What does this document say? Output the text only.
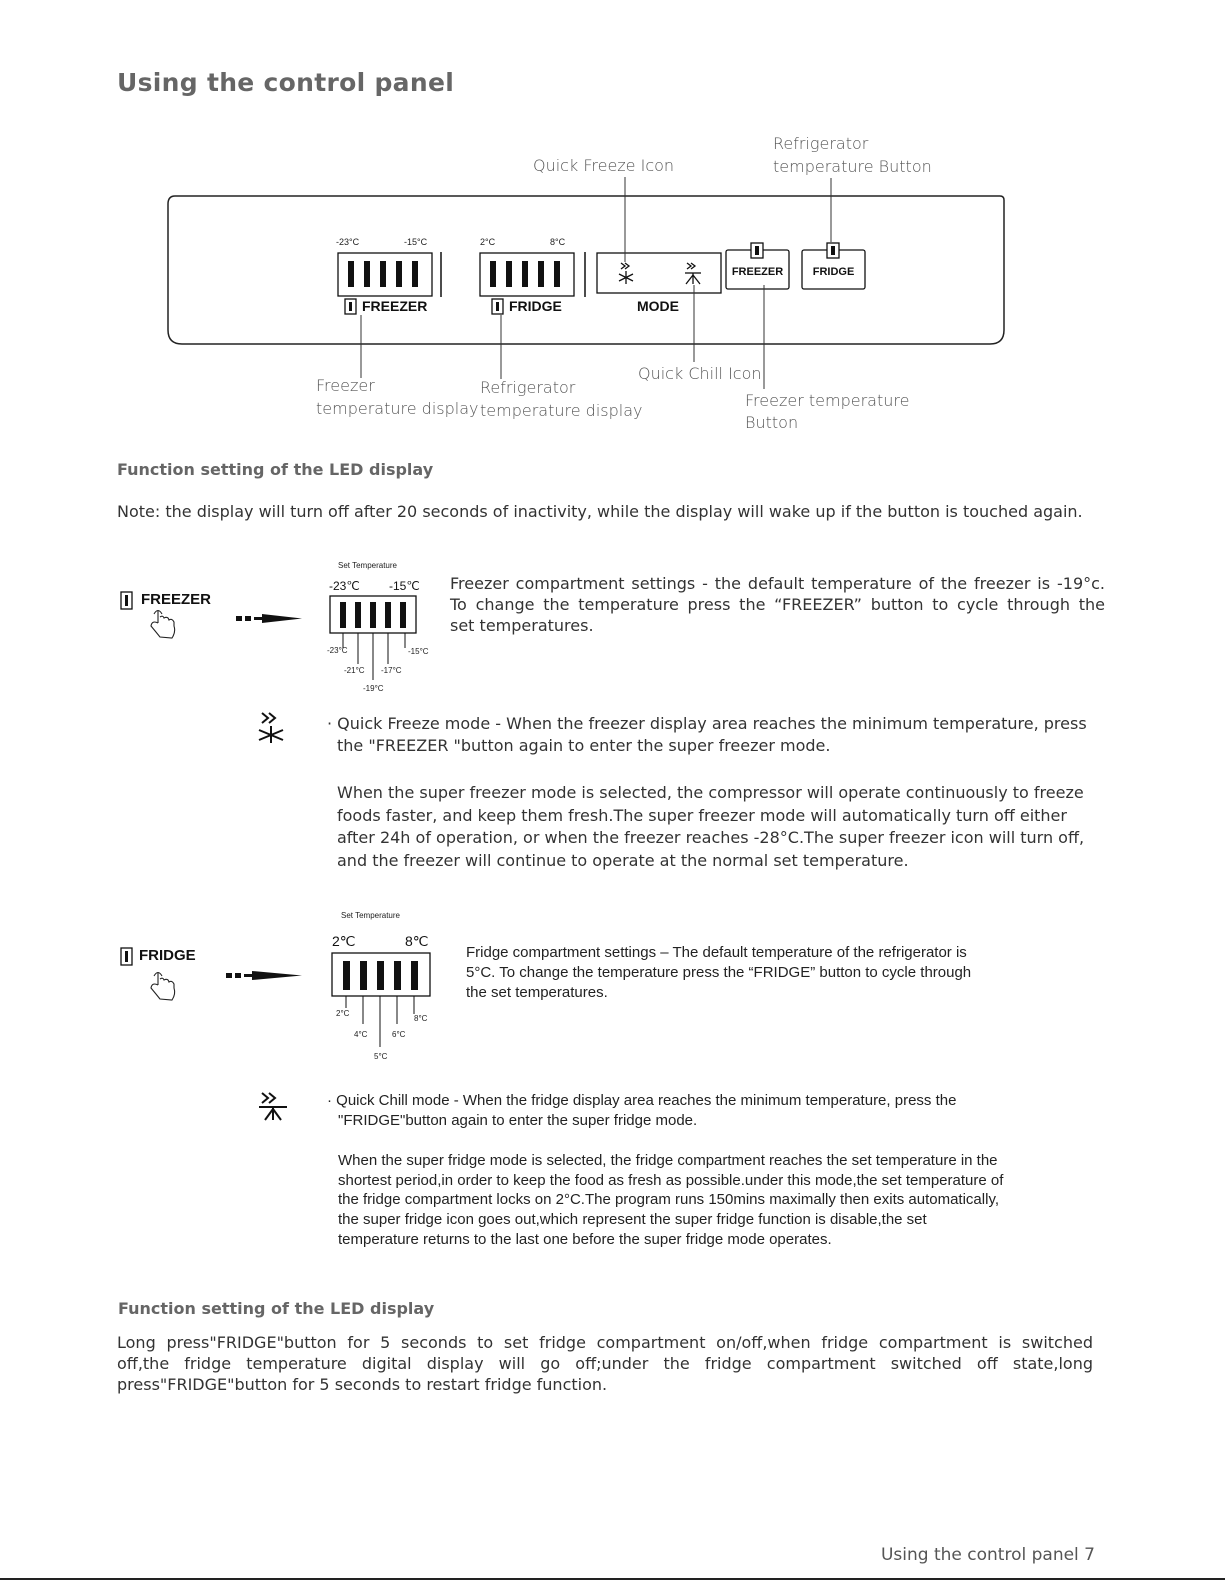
Using the control panel
-23°C	-15°C	2°C	8°C
FREEZER	FRIDGE	MODE
FREEZER	FRIDGE
Quick Freeze Icon
Refrigerator
temperature Button
Freezer
temperature display
Refrigerator
temperature display
Quick Chill Icon
Freezer temperature
Button
Function setting of the LED display
Note: the display will turn off after 20 seconds of inactivity, while the display will wake up if the button is touched again.
FREEZER
Set Temperature
-23℃ -15℃
-23°C
-21°C
-19°C
-17°C
-15°C
Freezer compartment settings - the default temperature of the freezer is -19°c.
To change the temperature press the “FREEZER” button to cycle through the
set temperatures.
· Quick Freeze mode - When the freezer display area reaches the minimum temperature, press
the "FREEZER "button again to enter the super freezer mode.
When the super freezer mode is selected, the compressor will operate continuously to freeze
foods faster, and keep them fresh.The super freezer mode will automatically turn off either
after 24h of operation, or when the freezer reaches -28°C.The super freezer icon will turn off,
and the freezer will continue to operate at the normal set temperature.
FRIDGE
Set Temperature
2℃	8℃
2°C
4°C
5°C
6°C
8°C
Fridge compartment settings – The default temperature of the refrigerator is
5°C. To change the temperature press the “FRIDGE” button to cycle through
the set temperatures.
· Quick Chill mode - When the fridge display area reaches the minimum temperature, press the
"FRIDGE"button again to enter the super fridge mode.
When the super fridge mode is selected, the fridge compartment reaches the set temperature in the
shortest period,in order to keep the food as fresh as possible.under this mode,the set temperature of
the fridge compartment locks on 2°C.The program runs 150mins maximally then exits automatically,
the super fridge icon goes out,which represent the super fridge function is disable,the set
temperature returns to the last one before the super fridge mode operates.
Function setting of the LED display
Long press"FRIDGE"button for 5 seconds to set fridge compartment on/off,when fridge compartment is switched
off,the fridge temperature digital display will go off;under the fridge compartment switched off state,long
press"FRIDGE"button for 5 seconds to restart fridge function.
Using the control panel 7
